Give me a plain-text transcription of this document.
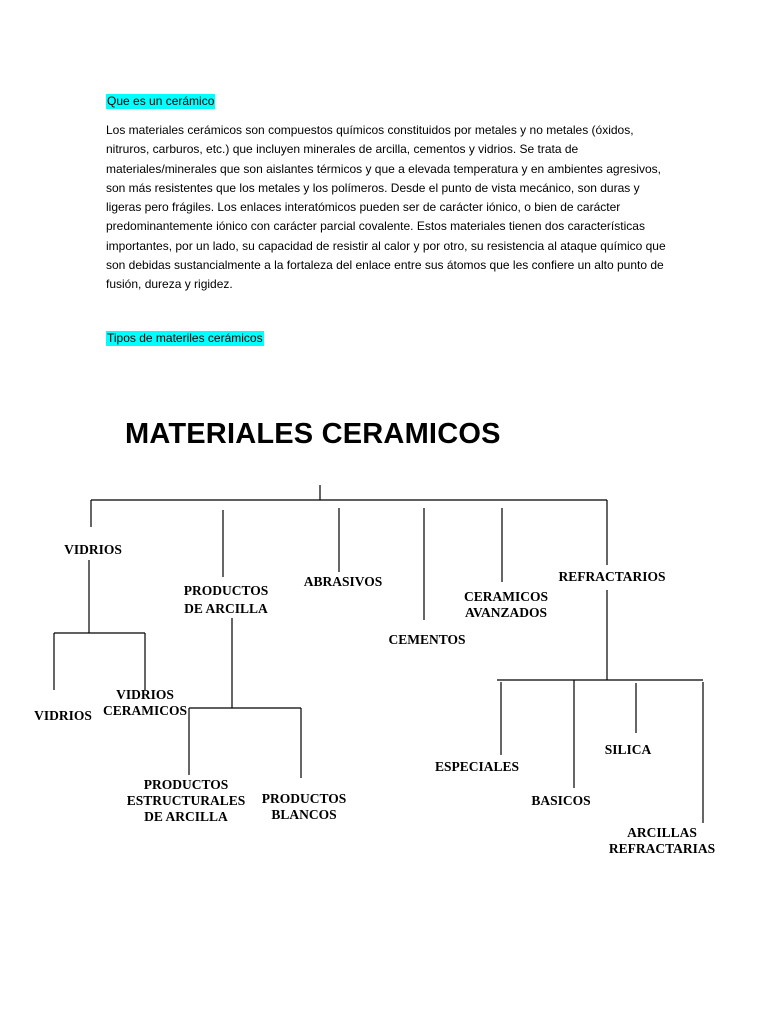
Que es un cerámico

Los materiales cerámicos son compuestos químicos constituidos por metales y no metales (óxidos, nitruros, carburos, etc.) que incluyen minerales de arcilla, cementos y vidrios. Se trata de materiales/minerales que son aislantes térmicos y que a elevada temperatura y en ambientes agresivos, son más resistentes que los metales y los polímeros. Desde el punto de vista mecánico, son duras y ligeras pero frágiles. Los enlaces interatómicos pueden ser de carácter iónico, o bien de carácter predominantemente iónico con carácter parcial covalente. Estos materiales tienen dos características importantes, por un lado, su capacidad de resistir al calor y por otro, su resistencia al ataque químico que son debidas sustancialmente a la fortaleza del enlace entre sus átomos que les confiere un alto punto de fusión, dureza y rigidez.

Tipos de materiles cerámicos
MATERIALES CERAMICOS
VIDRIOS
PRODUCTOS
DE ARCILLA
ABRASIVOS
CEMENTOS
CERAMICOS
AVANZADOS
REFRACTARIOS
VIDRIOS
VIDRIOS
CERAMICOS
PRODUCTOS
ESTRUCTURALES
DE ARCILLA
PRODUCTOS
BLANCOS
ESPECIALES
BASICOS
SILICA
ARCILLAS
REFRACTARIAS
